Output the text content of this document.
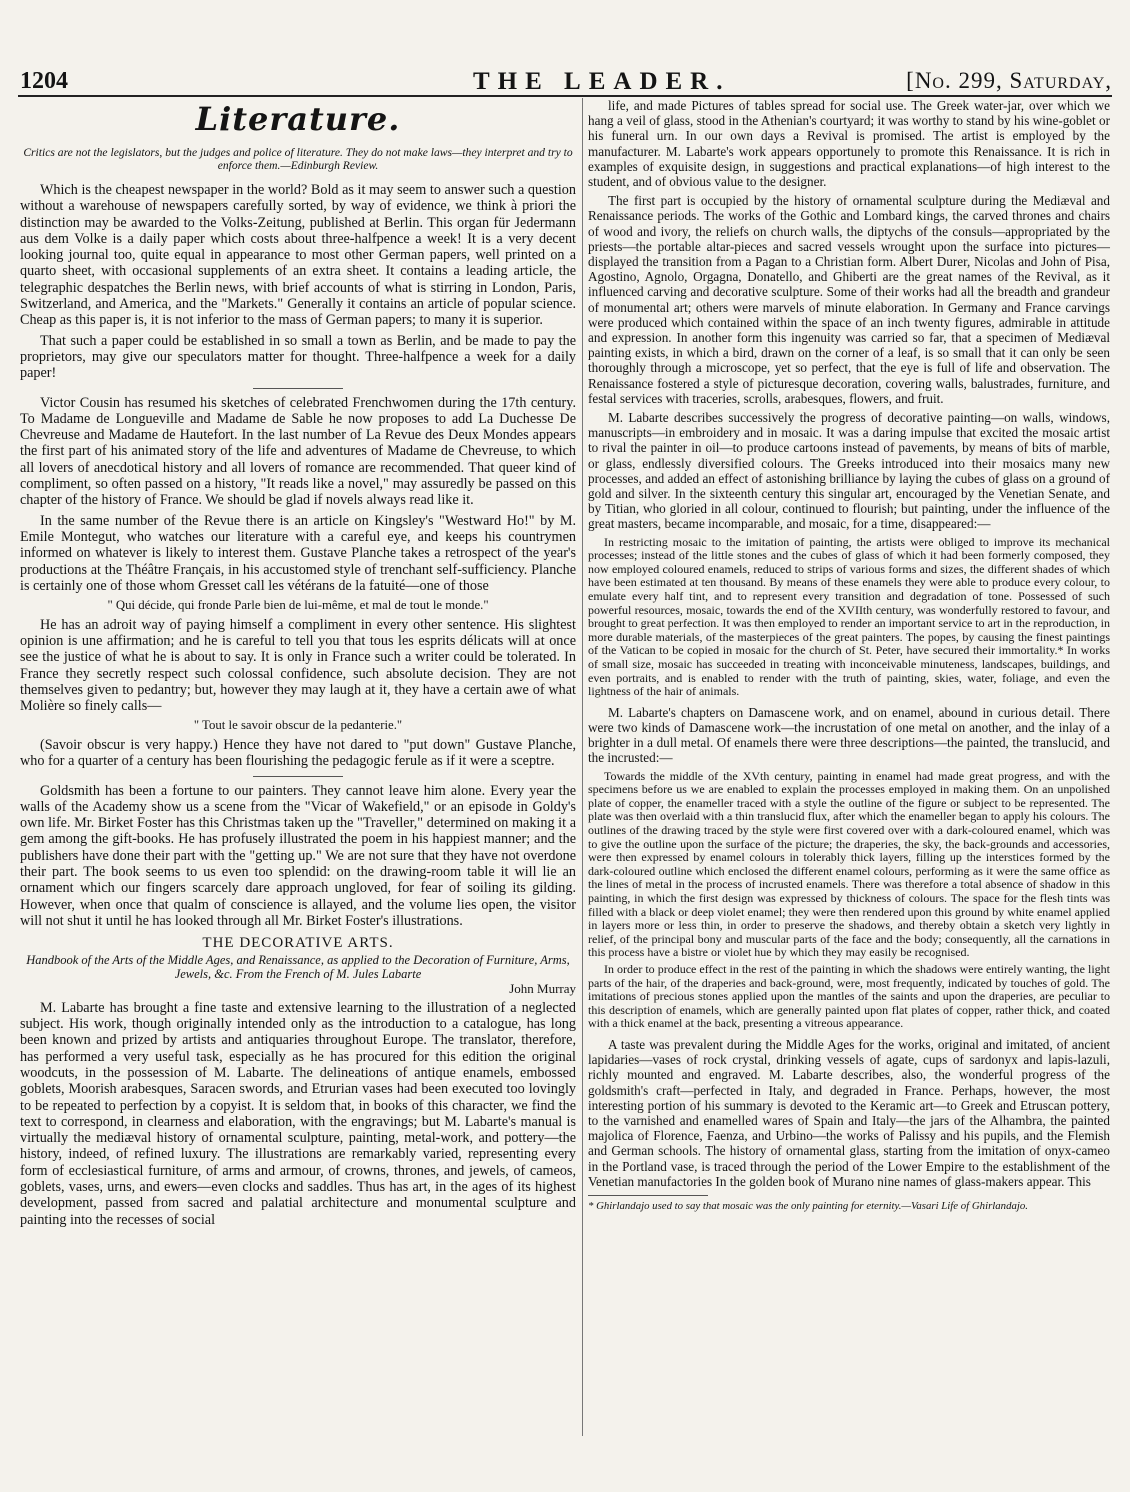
1204	THE LEADER.	[No. 299, Saturday,
Literature.
Critics are not the legislators, but the judges and police of literature. They do not make laws—they interpret and try to enforce them.—Edinburgh Review.

Which is the cheapest newspaper in the world? Bold as it may seem to answer such a question without a warehouse of newspapers carefully sorted, by way of evidence, we think à priori the distinction may be awarded to the Volks-Zeitung, published at Berlin. This organ für Jedermann aus dem Volke is a daily paper which costs about three-halfpence a week! It is a very decent looking journal too, quite equal in appearance to most other German papers, well printed on a quarto sheet, with occasional supplements of an extra sheet. It contains a leading article, the telegraphic despatches the Berlin news, with brief accounts of what is stirring in London, Paris, Switzerland, and America, and the "Markets." Generally it contains an article of popular science. Cheap as this paper is, it is not inferior to the mass of German papers; to many it is superior.

That such a paper could be established in so small a town as Berlin, and be made to pay the proprietors, may give our speculators matter for thought. Three-halfpence a week for a daily paper!

Victor Cousin has resumed his sketches of celebrated Frenchwomen during the 17th century. To Madame de Longueville and Madame de Sable he now proposes to add La Duchesse De Chevreuse and Madame de Hautefort. In the last number of La Revue des Deux Mondes appears the first part of his animated story of the life and adventures of Madame de Chevreuse, to which all lovers of anecdotical history and all lovers of romance are recommended. That queer kind of compliment, so often passed on a history, "It reads like a novel," may assuredly be passed on this chapter of the history of France. We should be glad if novels always read like it.

In the same number of the Revue there is an article on Kingsley's "Westward Ho!" by M. Emile Montegut, who watches our literature with a careful eye, and keeps his countrymen informed on whatever is likely to interest them. Gustave Planche takes a retrospect of the year's productions at the Théâtre Français, in his accustomed style of trenchant self-sufficiency. Planche is certainly one of those whom Gresset call les vétérans de la fatuité—one of those

" Qui décide, qui fronde Parle bien de lui-même, et mal de tout le monde."

He has an adroit way of paying himself a compliment in every other sentence. His slightest opinion is une affirmation; and he is careful to tell you that tous les esprits délicats will at once see the justice of what he is about to say. It is only in France such a writer could be tolerated. In France they secretly respect such colossal confidence, such absolute decision. They are not themselves given to pedantry; but, however they may laugh at it, they have a certain awe of what Molière so finely calls—

" Tout le savoir obscur de la pedanterie."

(Savoir obscur is very happy.) Hence they have not dared to "put down" Gustave Planche, who for a quarter of a century has been flourishing the pedagogic ferule as if it were a sceptre.

Goldsmith has been a fortune to our painters. They cannot leave him alone. Every year the walls of the Academy show us a scene from the "Vicar of Wakefield," or an episode in Goldy's own life. Mr. Birket Foster has this Christmas taken up the "Traveller," determined on making it a gem among the gift-books. He has profusely illustrated the poem in his happiest manner; and the publishers have done their part with the "getting up." We are not sure that they have not overdone their part. The book seems to us even too splendid: on the drawing-room table it will lie an ornament which our fingers scarcely dare approach ungloved, for fear of soiling its gilding. However, when once that qualm of conscience is allayed, and the volume lies open, the visitor will not shut it until he has looked through all Mr. Birket Foster's illustrations.

THE DECORATIVE ARTS.
Handbook of the Arts of the Middle Ages, and Renaissance, as applied to the Decoration of Furniture, Arms, Jewels, &c. From the French of M. Jules Labarte
John Murray

M. Labarte has brought a fine taste and extensive learning to the illustration of a neglected subject. His work, though originally intended only as the introduction to a catalogue, has long been known and prized by artists and antiquaries throughout Europe. The translator, therefore, has performed a very useful task, especially as he has procured for this edition the original woodcuts, in the possession of M. Labarte. The delineations of antique enamels, embossed goblets, Moorish arabesques, Saracen swords, and Etrurian vases had been executed too lovingly to be repeated to perfection by a copyist. It is seldom that, in books of this character, we find the text to correspond, in clearness and elaboration, with the engravings; but M. Labarte's manual is virtually the mediæval history of ornamental sculpture, painting, metal-work, and pottery—the history, indeed, of refined luxury. The illustrations are remarkably varied, representing every form of ecclesiastical furniture, of arms and armour, of crowns, thrones, and jewels, of cameos, goblets, vases, urns, and ewers—even clocks and saddles. Thus has art, in the ages of its highest development, passed from sacred and palatial architecture and monumental sculpture and painting into the recesses of social

life, and made Pictures of tables spread for social use. The Greek water-jar, over which we hang a veil of glass, stood in the Athenian's courtyard; it was worthy to stand by his wine-goblet or his funeral urn. In our own days a Revival is promised. The artist is employed by the manufacturer. M. Labarte's work appears opportunely to promote this Renaissance. It is rich in examples of exquisite design, in suggestions and practical explanations—of high interest to the student, and of obvious value to the designer.

The first part is occupied by the history of ornamental sculpture during the Mediæval and Renaissance periods. The works of the Gothic and Lombard kings, the carved thrones and chairs of wood and ivory, the reliefs on church walls, the diptychs of the consuls—appropriated by the priests—the portable altar-pieces and sacred vessels wrought upon the surface into pictures—displayed the transition from a Pagan to a Christian form. Albert Durer, Nicolas and John of Pisa, Agostino, Agnolo, Orgagna, Donatello, and Ghiberti are the great names of the Revival, as it influenced carving and decorative sculpture. Some of their works had all the breadth and grandeur of monumental art; others were marvels of minute elaboration. In Germany and France carvings were produced which contained within the space of an inch twenty figures, admirable in attitude and expression. In another form this ingenuity was carried so far, that a specimen of Mediæval painting exists, in which a bird, drawn on the corner of a leaf, is so small that it can only be seen thoroughly through a microscope, yet so perfect, that the eye is full of life and observation. The Renaissance fostered a style of picturesque decoration, covering walls, balustrades, furniture, and festal services with traceries, scrolls, arabesques, flowers, and fruit.

M. Labarte describes successively the progress of decorative painting—on walls, windows, manuscripts—in embroidery and in mosaic. It was a daring impulse that excited the mosaic artist to rival the painter in oil—to produce cartoons instead of pavements, by means of bits of marble, or glass, endlessly diversified colours. The Greeks introduced into their mosaics many new processes, and added an effect of astonishing brilliance by laying the cubes of glass on a ground of gold and silver. In the sixteenth century this singular art, encouraged by the Venetian Senate, and by Titian, who gloried in all colour, continued to flourish; but painting, under the influence of the great masters, became incomparable, and mosaic, for a time, disappeared:—

In restricting mosaic to the imitation of painting, the artists were obliged to improve its mechanical processes; instead of the little stones and the cubes of glass of which it had been formerly composed, they now employed coloured enamels, reduced to strips of various forms and sizes, the different shades of which have been estimated at ten thousand. By means of these enamels they were able to produce every colour, to emulate every half tint, and to represent every transition and degradation of tone. Possessed of such powerful resources, mosaic, towards the end of the XVIIth century, was wonderfully restored to favour, and brought to great perfection. It was then employed to render an important service to art in the reproduction, in more durable materials, of the masterpieces of the great painters. The popes, by causing the finest paintings of the Vatican to be copied in mosaic for the church of St. Peter, have secured their immortality.* In works of small size, mosaic has succeeded in treating with inconceivable minuteness, landscapes, buildings, and even portraits, and is enabled to render with the truth of painting, skies, water, foliage, and even the lightness of the hair of animals.

M. Labarte's chapters on Damascene work, and on enamel, abound in curious detail. There were two kinds of Damascene work—the incrustation of one metal on another, and the inlay of a brighter in a dull metal. Of enamels there were three descriptions—the painted, the translucid, and the incrusted:—

Towards the middle of the XVth century, painting in enamel had made great progress, and with the specimens before us we are enabled to explain the processes employed in making them. On an unpolished plate of copper, the enameller traced with a style the outline of the figure or subject to be represented. The plate was then overlaid with a thin translucid flux, after which the enameller began to apply his colours. The outlines of the drawing traced by the style were first covered over with a dark-coloured enamel, which was to give the outline upon the surface of the picture; the draperies, the sky, the back-grounds and accessories, were then expressed by enamel colours in tolerably thick layers, filling up the interstices formed by the dark-coloured outline which enclosed the different enamel colours, performing as it were the same office as the lines of metal in the process of incrusted enamels. There was therefore a total absence of shadow in this painting, in which the first design was expressed by thickness of colours. The space for the flesh tints was filled with a black or deep violet enamel; they were then rendered upon this ground by white enamel applied in layers more or less thin, in order to preserve the shadows, and thereby obtain a sketch very lightly in relief, of the principal bony and muscular parts of the face and the body; consequently, all the carnations in this process have a bistre or violet hue by which they may easily be recognised.

In order to produce effect in the rest of the painting in which the shadows were entirely wanting, the light parts of the hair, of the draperies and back-ground, were, most frequently, indicated by touches of gold. The imitations of precious stones applied upon the mantles of the saints and upon the draperies, are peculiar to this description of enamels, which are generally painted upon flat plates of copper, rather thick, and coated with a thick enamel at the back, presenting a vitreous appearance.

A taste was prevalent during the Middle Ages for the works, original and imitated, of ancient lapidaries—vases of rock crystal, drinking vessels of agate, cups of sardonyx and lapis-lazuli, richly mounted and engraved. M. Labarte describes, also, the wonderful progress of the goldsmith's craft—perfected in Italy, and degraded in France. Perhaps, however, the most interesting portion of his summary is devoted to the Keramic art—to Greek and Etruscan pottery, to the varnished and enamelled wares of Spain and Italy—the jars of the Alhambra, the painted majolica of Florence, Faenza, and Urbino—the works of Palissy and his pupils, and the Flemish and German schools. The history of ornamental glass, starting from the imitation of onyx-cameo in the Portland vase, is traced through the period of the Lower Empire to the establishment of the Venetian manufactories In the golden book of Murano nine names of glass-makers appear. This

* Ghirlandajo used to say that mosaic was the only painting for eternity.—Vasari Life of Ghirlandajo.
